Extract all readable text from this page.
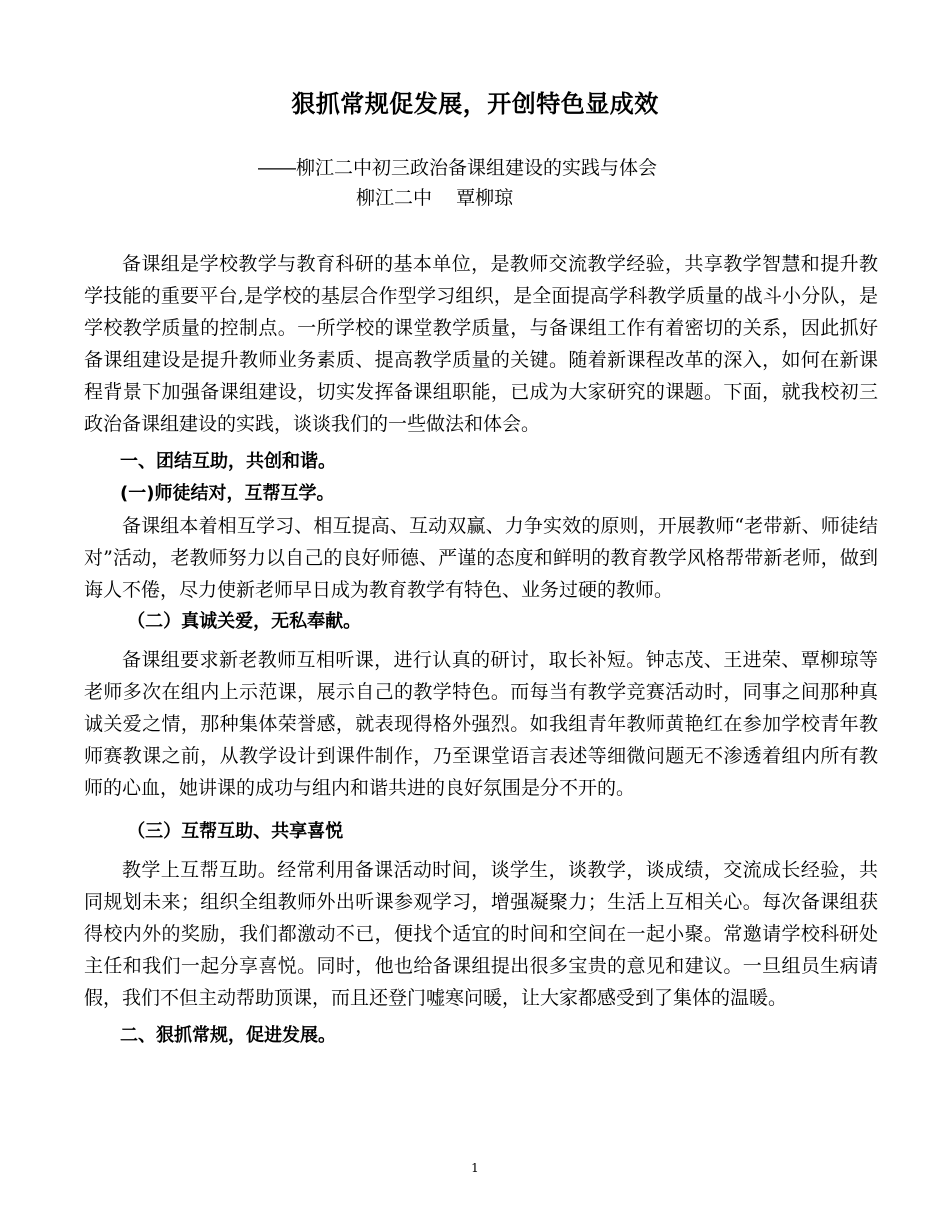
狠抓常规促发展，开创特色显成效
――柳江二中初三政治备课组建设的实践与体会
柳江二中    覃柳琼

备课组是学校教学与教育科研的基本单位，是教师交流教学经验，共享教学智慧和提升教学技能的重要平台,是学校的基层合作型学习组织，是全面提高学科教学质量的战斗小分队，是学校教学质量的控制点。一所学校的课堂教学质量，与备课组工作有着密切的关系，因此抓好备课组建设是提升教师业务素质、提高教学质量的关键。随着新课程改革的深入，如何在新课程背景下加强备课组建设，切实发挥备课组职能，已成为大家研究的课题。下面，就我校初三政治备课组建设的实践，谈谈我们的一些做法和体会。

一、团结互助，共创和谐。

(一)师徒结对，互帮互学。

备课组本着相互学习、相互提高、互动双赢、力争实效的原则，开展教师“老带新、师徒结对”活动，老教师努力以自己的良好师德、严谨的态度和鲜明的教育教学风格帮带新老师，做到诲人不倦，尽力使新老师早日成为教育教学有特色、业务过硬的教师。

（二）真诚关爱，无私奉献。

备课组要求新老教师互相听课，进行认真的研讨，取长补短。钟志茂、王进荣、覃柳琼等老师多次在组内上示范课，展示自己的教学特色。而每当有教学竞赛活动时，同事之间那种真诚关爱之情，那种集体荣誉感，就表现得格外强烈。如我组青年教师黄艳红在参加学校青年教师赛教课之前，从教学设计到课件制作，乃至课堂语言表述等细微问题无不渗透着组内所有教师的心血，她讲课的成功与组内和谐共进的良好氛围是分不开的。

（三）互帮互助、共享喜悦

教学上互帮互助。经常利用备课活动时间，谈学生，谈教学，谈成绩，交流成长经验，共同规划未来；组织全组教师外出听课参观学习，增强凝聚力；生活上互相关心。每次备课组获得校内外的奖励，我们都激动不已，便找个适宜的时间和空间在一起小聚。常邀请学校科研处主任和我们一起分享喜悦。同时，他也给备课组提出很多宝贵的意见和建议。一旦组员生病请假，我们不但主动帮助顶课，而且还登门嘘寒问暖，让大家都感受到了集体的温暖。

二、狠抓常规，促进发展。

1
